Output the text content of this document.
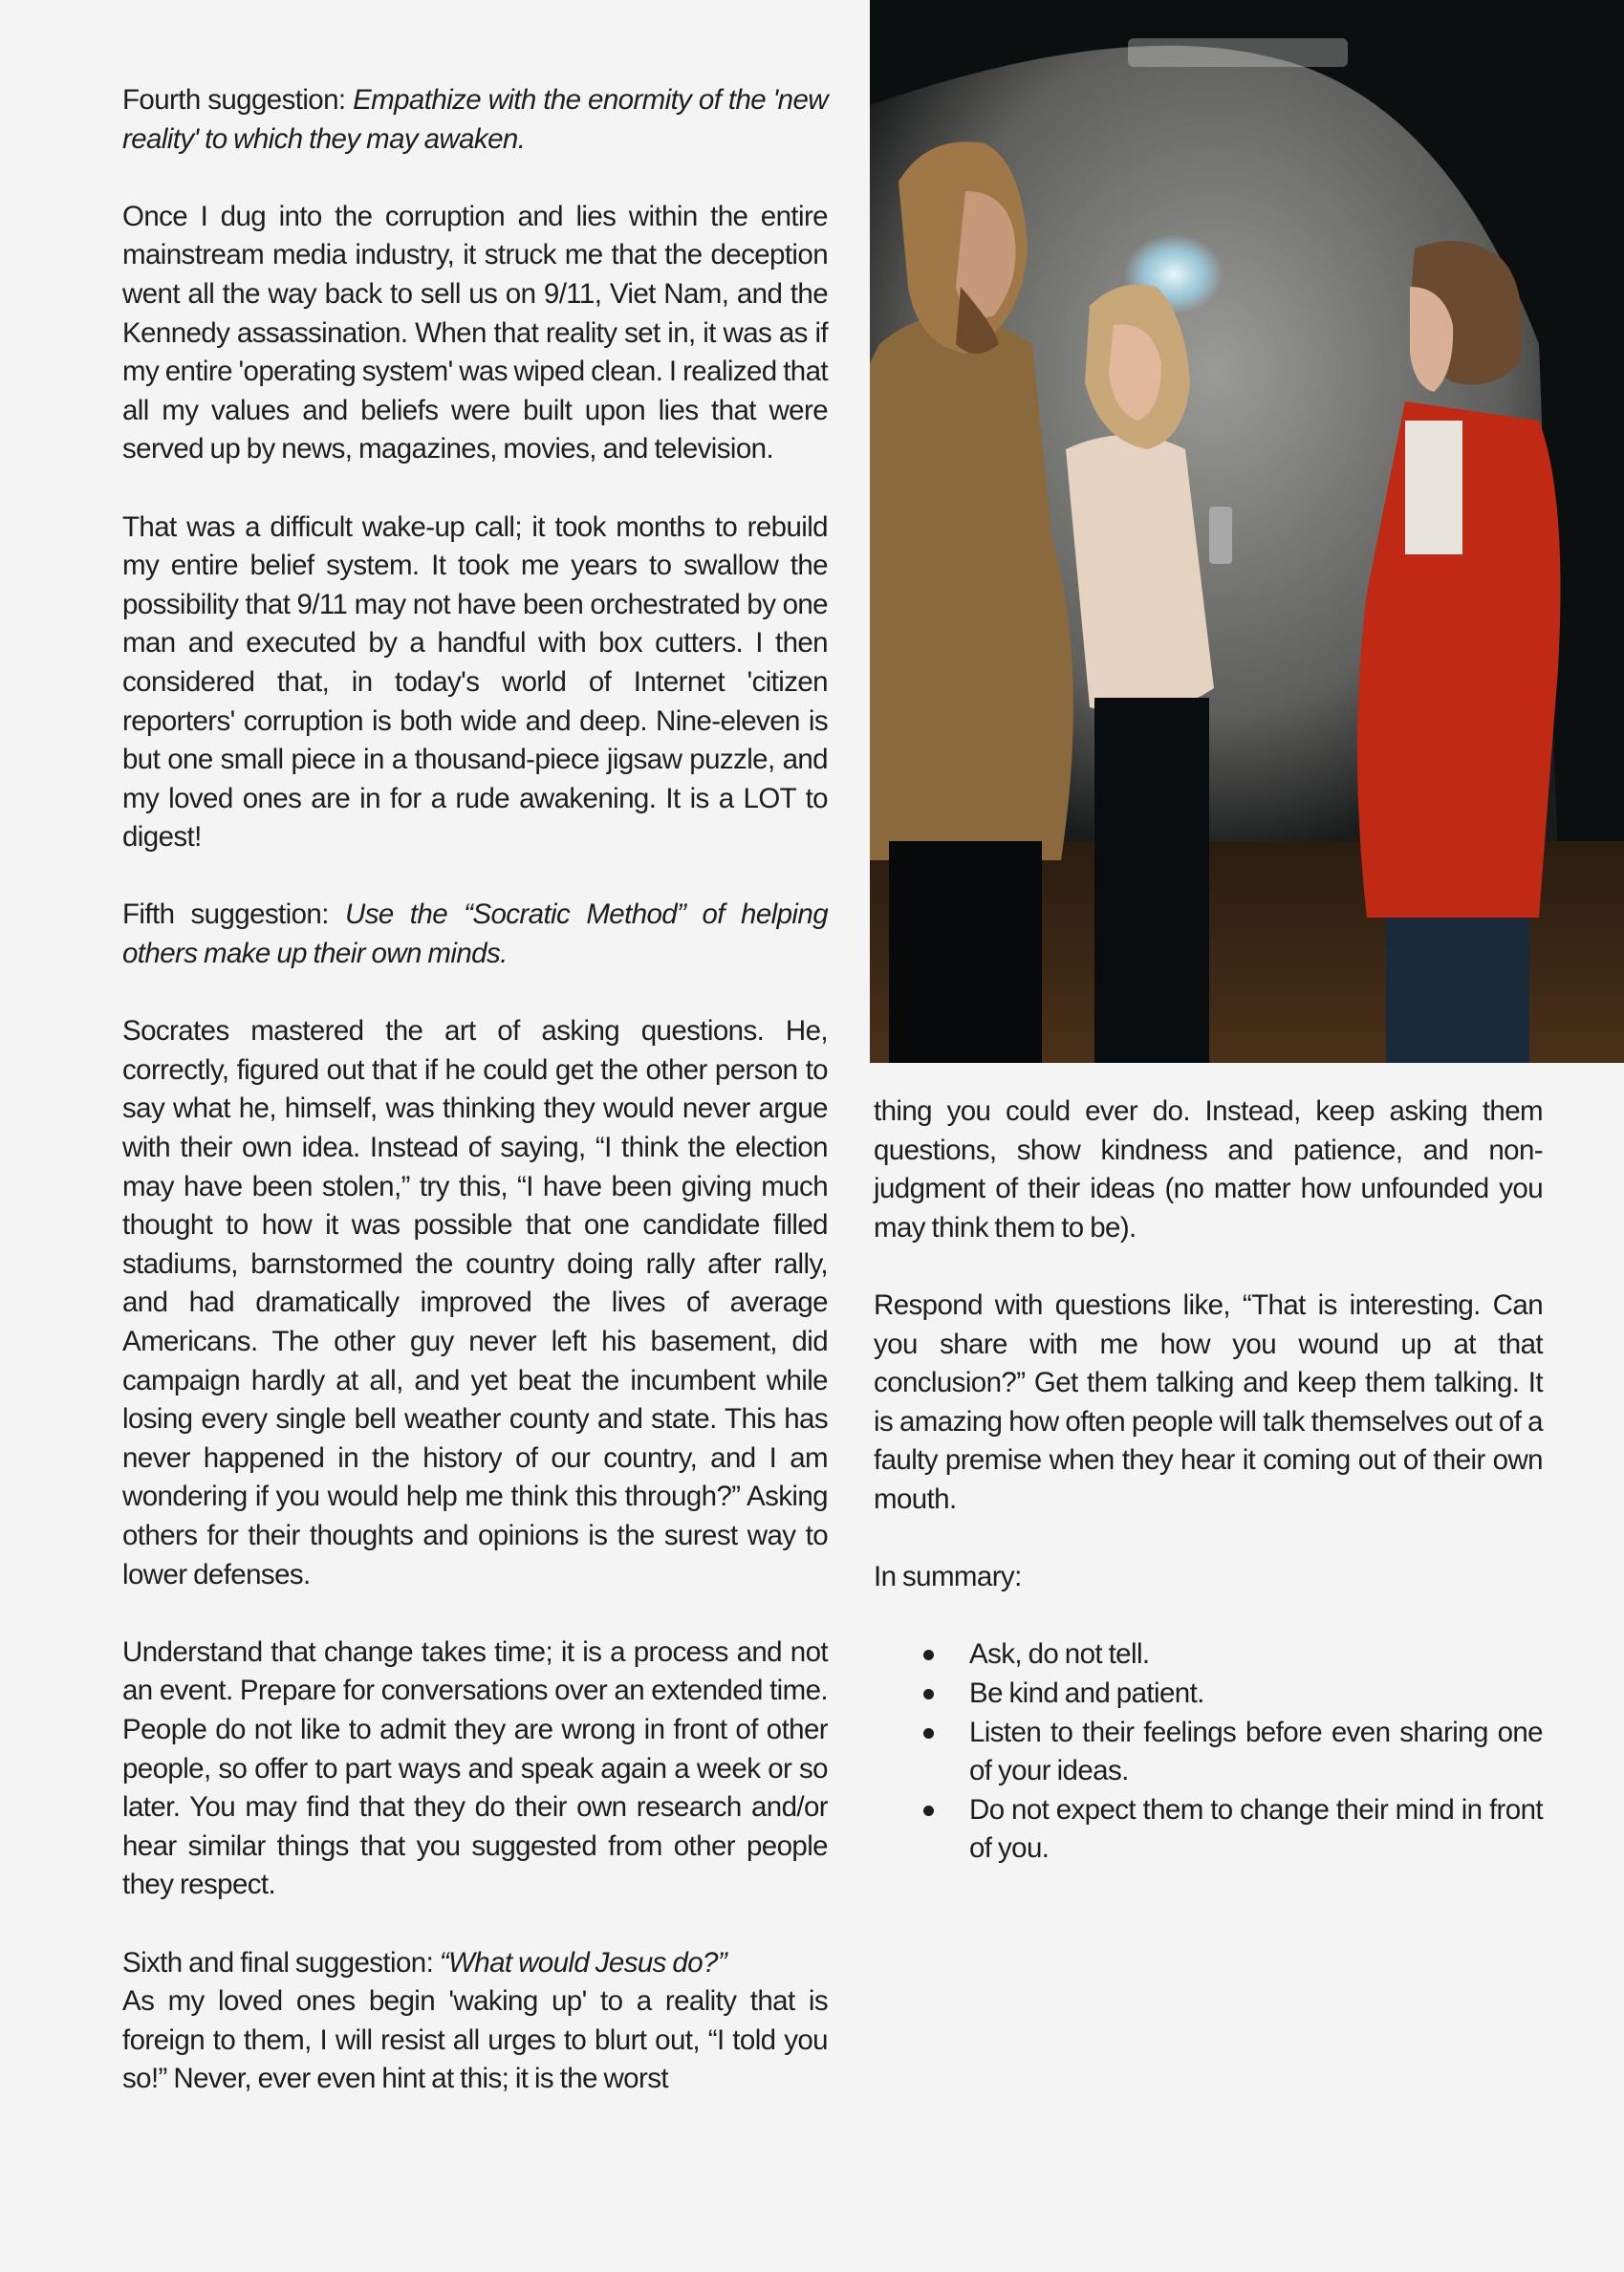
Fourth suggestion: Empathize with the enormity of the 'new reality' to which they may awaken.

Once I dug into the corruption and lies within the entire mainstream media industry, it struck me that the deception went all the way back to sell us on 9/11, Viet Nam, and the Kennedy assassination. When that reality set in, it was as if my entire 'operating system' was wiped clean. I realized that all my values and beliefs were built upon lies that were served up by news, magazines, movies, and television.

That was a difficult wake-up call; it took months to rebuild my entire belief system. It took me years to swallow the possibility that 9/11 may not have been orchestrated by one man and executed by a handful with box cutters. I then considered that, in today's world of Internet 'citizen reporters' corruption is both wide and deep. Nine-eleven is but one small piece in a thousand-piece jigsaw puzzle, and my loved ones are in for a rude awakening. It is a LOT to digest!

Fifth suggestion: Use the “Socratic Method” of helping others make up their own minds.

Socrates mastered the art of asking questions. He, correctly, figured out that if he could get the other person to say what he, himself, was thinking they would never argue with their own idea. Instead of saying, “I think the election may have been stolen,” try this, “I have been giving much thought to how it was possible that one candidate filled stadiums, barnstormed the country doing rally after rally, and had dramatically improved the lives of average Americans. The other guy never left his basement, did campaign hardly at all, and yet beat the incumbent while losing every single bell weather county and state. This has never happened in the history of our country, and I am wondering if you would help me think this through?” Asking others for their thoughts and opinions is the surest way to lower defenses.

Understand that change takes time; it is a process and not an event. Prepare for conversations over an extended time. People do not like to admit they are wrong in front of other people, so offer to part ways and speak again a week or so later. You may find that they do their own research and/or hear similar things that you suggested from other people they respect.

Sixth and final suggestion: “What would Jesus do?”

As my loved ones begin 'waking up' to a reality that is foreign to them, I will resist all urges to blurt out, “I told you so!” Never, ever even hint at this; it is the worst

thing you could ever do. Instead, keep asking them questions, show kindness and patience, and non-judgment of their ideas (no matter how unfounded you may think them to be).

Respond with questions like, “That is interesting. Can you share with me how you wound up at that conclusion?” Get them talking and keep them talking. It is amazing how often people will talk themselves out of a faulty premise when they hear it coming out of their own mouth.

In summary:

Ask, do not tell.
Be kind and patient.
Listen to their feelings before even sharing one of your ideas.
Do not expect them to change their mind in front of you.
